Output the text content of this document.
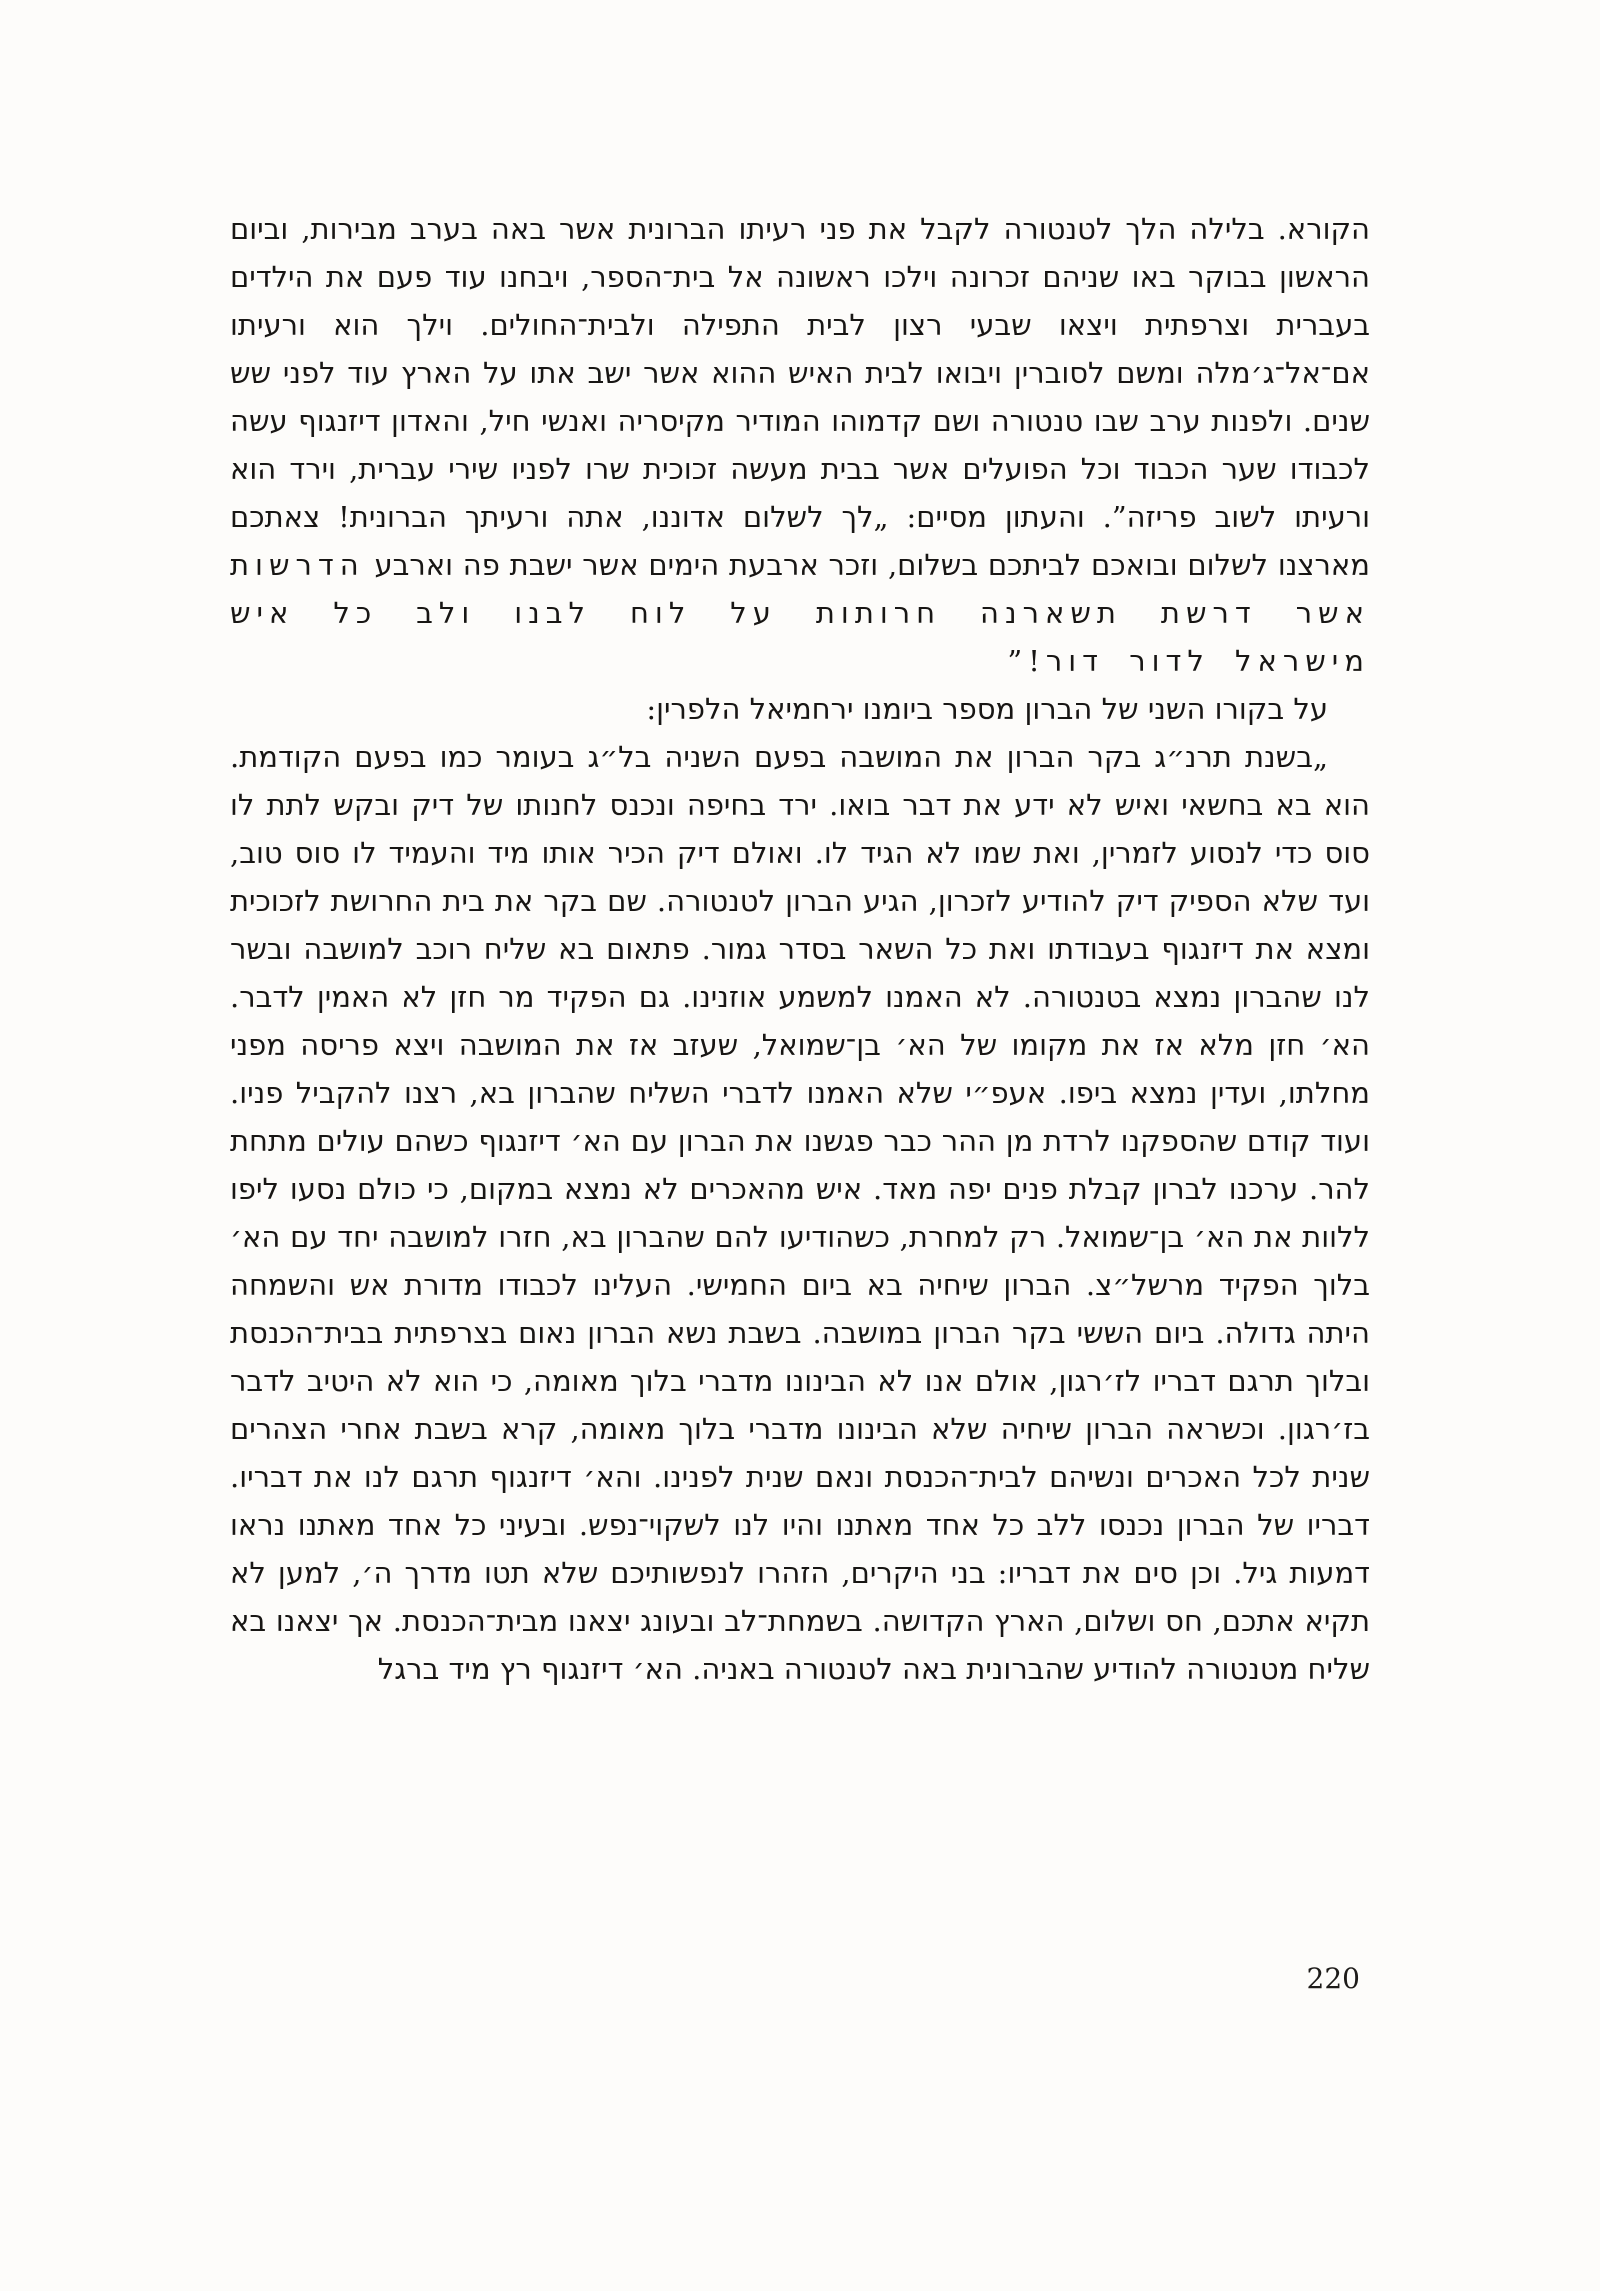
הקורא. בלילה הלך לטנטורה לקבל את פני רעיתו הברונית אשר באה בערב מבירות, וביום הראשון בבוקר באו שניהם זכרונה וילכו ראשונה אל בית־הספר, ויבחנו עוד פעם את הילדים בעברית וצרפתית ויצאו שבעי רצון לבית התפילה ולבית־החולים. וילך הוא ורעיתו אם־אל־ג׳מלה ומשם לסוברין ויבואו לבית האיש ההוא אשר ישב אתו על הארץ עוד לפני שש שנים. ולפנות ערב שבו טנטורה ושם קדמוהו המודיר מקיסריה ואנשי חיל, והאדון דיזנגוף עשה לכבודו שער הכבוד וכל הפועלים אשר בבית מעשה זכוכית שרו לפניו שירי עברית, וירד הוא ורעיתו לשוב פריזה”. והעתון מסיים: „לך לשלום אדוננו, אתה ורעיתך הברונית! צאתכם מארצנו לשלום ובואכם לביתכם בשלום, וזכר ארבעת הימים אשר ישבת פה וארבע הדרשות אשר דרשת תשארנה חרותות על לוח לבנו ולב כל איש מישראל לדור דור!”

על בקורו השני של הברון מספר ביומנו ירחמיאל הלפרין:

„בשנת תרנ״ג בקר הברון את המושבה בפעם השניה בל״ג בעומר כמו בפעם הקודמת. הוא בא בחשאי ואיש לא ידע את דבר בואו. ירד בחיפה ונכנס לחנותו של דיק ובקש לתת לו סוס כדי לנסוע לזמרין, ואת שמו לא הגיד לו. ואולם דיק הכיר אותו מיד והעמיד לו סוס טוב, ועד שלא הספיק דיק להודיע לזכרון, הגיע הברון לטנטורה. שם בקר את בית החרושת לזכוכית ומצא את דיזנגוף בעבודתו ואת כל השאר בסדר גמור. פתאום בא שליח רוכב למושבה ובשר לנו שהברון נמצא בטנטורה. לא האמנו למשמע אוזנינו. גם הפקיד מר חזן לא האמין לדבר. הא׳ חזן מלא אז את מקומו של הא׳ בן־שמואל, שעזב אז את המושבה ויצא פריסה מפני מחלתו, ועדין נמצא ביפו. אעפ״י שלא האמנו לדברי השליח שהברון בא, רצנו להקביל פניו. ועוד קודם שהספקנו לרדת מן ההר כבר פגשנו את הברון עם הא׳ דיזנגוף כשהם עולים מתחת להר. ערכנו לברון קבלת פנים יפה מאד. איש מהאכרים לא נמצא במקום, כי כולם נסעו ליפו ללוות את הא׳ בן־שמואל. רק למחרת, כשהודיעו להם שהברון בא, חזרו למושבה יחד עם הא׳ בלוך הפקיד מרשל״צ. הברון שיחיה בא ביום החמישי. העלינו לכבודו מדורת אש והשמחה היתה גדולה. ביום הששי בקר הברון במושבה. בשבת נשא הברון נאום בצרפתית בבית־הכנסת ובלוך תרגם דבריו לז׳רגון, אולם אנו לא הבינונו מדברי בלוך מאומה, כי הוא לא היטיב לדבר בז׳רגון. וכשראה הברון שיחיה שלא הבינונו מדברי בלוך מאומה, קרא בשבת אחרי הצהרים שנית לכל האכרים ונשיהם לבית־הכנסת ונאם שנית לפנינו. והא׳ דיזנגוף תרגם לנו את דבריו. דבריו של הברון נכנסו ללב כל אחד מאתנו והיו לנו לשקוי־נפש. ובעיני כל אחד מאתנו נראו דמעות גיל. וכן סים את דבריו: בני היקרים, הזהרו לנפשותיכם שלא תטו מדרך ה׳, למען לא תקיא אתכם, חס ושלום, הארץ הקדושה. בשמחת־לב ובעונג יצאנו מבית־הכנסת. אך יצאנו בא שליח מטנטורה להודיע שהברונית באה לטנטורה באניה. הא׳ דיזנגוף רץ מיד ברגל

220
